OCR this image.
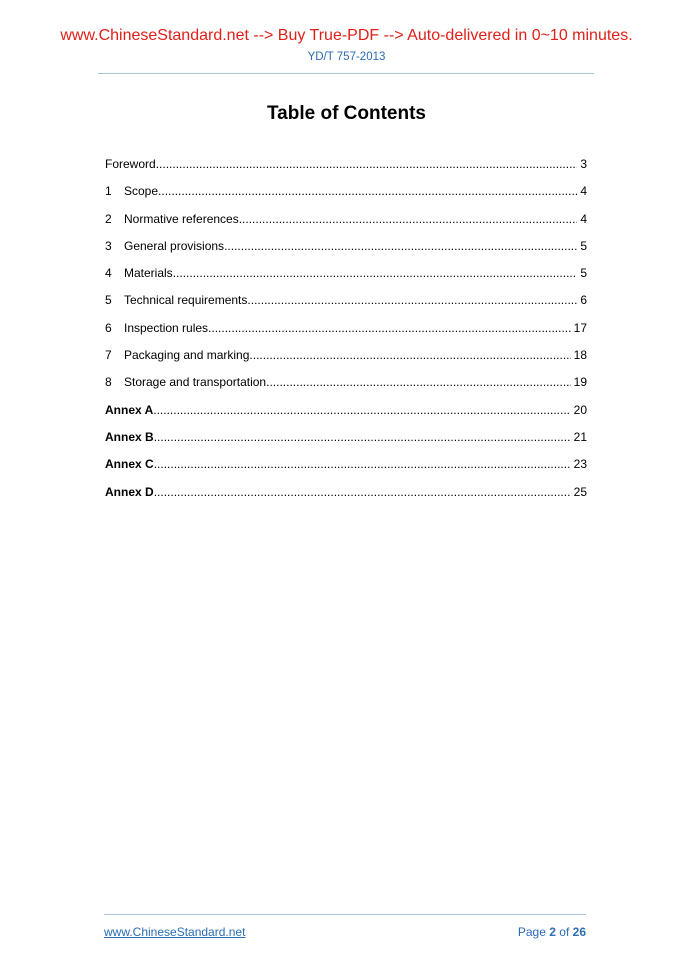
www.ChineseStandard.net --> Buy True-PDF --> Auto-delivered in 0~10 minutes.
YD/T 757-2013
Table of Contents
Foreword .....	3
1	Scope .....	4
2	Normative references .....	4
3	General provisions .....	5
4	Materials .....	5
5	Technical requirements .....	6
6	Inspection rules .....	17
7	Packaging and marking .....	18
8	Storage and transportation .....	19
Annex A .....	20
Annex B .....	21
Annex C .....	23
Annex D .....	25
www.ChineseStandard.net	Page 2 of 26
